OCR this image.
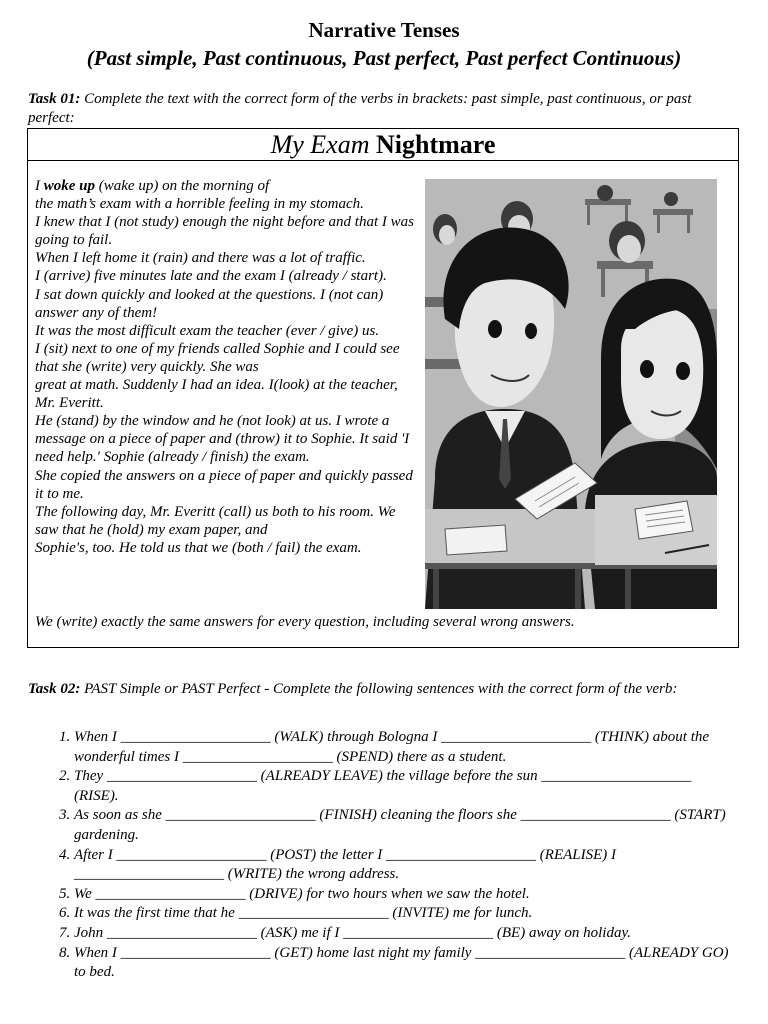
Narrative Tenses
(Past simple, Past continuous, Past perfect, Past perfect Continuous)
Task 01: Complete the text with the correct form of the verbs in brackets: past simple, past continuous, or past perfect:
My Exam Nightmare

I woke up (wake up) on the morning of

the math’s exam with a horrible feeling in my stomach.

I knew that I (not study) enough the night before and that I was going to fail.

When I left home it (rain) and there was a lot of traffic.

I (arrive) five minutes late and the exam I (already / start).

I sat down quickly and looked at the questions. I (not can) answer any of them!

It was the most difficult exam the teacher (ever / give) us.

I (sit) next to one of my friends called Sophie and I could see that she (write) very quickly. She was

great at math. Suddenly I had an idea. I(look) at the teacher, Mr. Everitt.

He (stand) by the window and he (not look) at us. I wrote a

message on a piece of paper and (throw) it to Sophie. It said 'I need help.' Sophie (already / finish) the exam.

She copied the answers on a piece of paper and quickly passed it to me.

The following day, Mr. Everitt (call) us both to his room. We saw that he (hold) my exam paper, and

Sophie's, too. He told us that we (both / fail) the exam.

We (write) exactly the same answers for every question, including several wrong answers.
Task 02: PAST Simple or PAST Perfect - Complete the following sentences with the correct form of the verb:
1. When I ____________________ (WALK) through Bologna I ____________________ (THINK) about the wonderful times I ____________________ (SPEND) there as a student.
2. They ____________________ (ALREADY LEAVE) the village before the sun ____________________ (RISE).
3. As soon as she ____________________ (FINISH) cleaning the floors she ____________________ (START) gardening.
4. After I ____________________ (POST) the letter I ____________________ (REALISE) I ____________________ (WRITE) the wrong address.
5. We ____________________ (DRIVE) for two hours when we saw the hotel.
6. It was the first time that he ____________________ (INVITE) me for lunch.
7. John ____________________ (ASK) me if I ____________________ (BE) away on holiday.
8. When I ____________________ (GET) home last night my family ____________________ (ALREADY GO) to bed.
